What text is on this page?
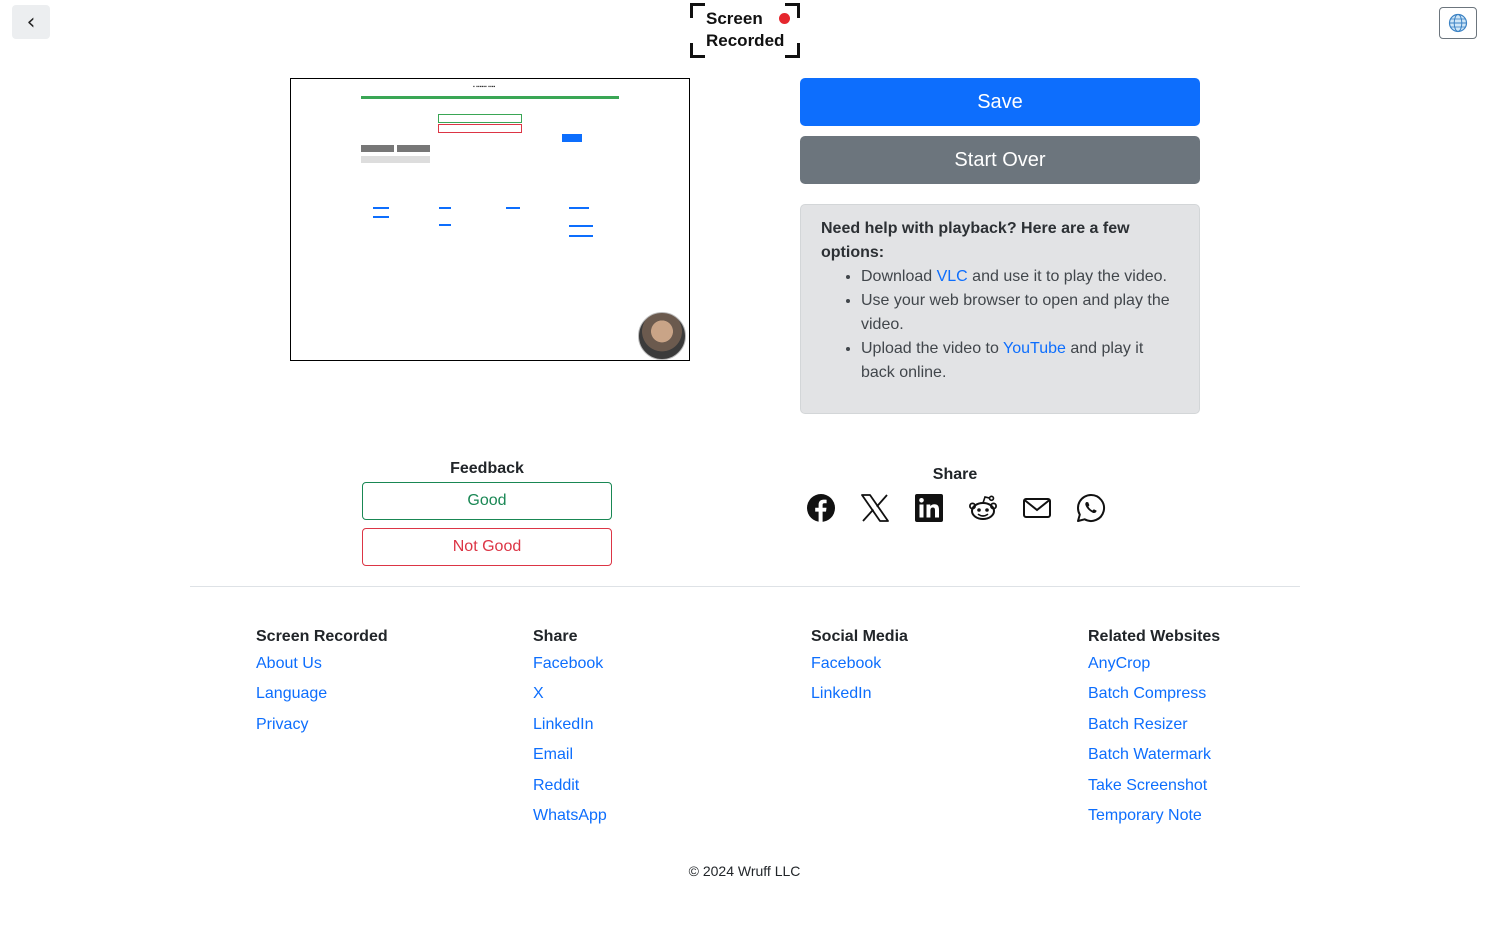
‹	Screen
Recorded
▪ ▪▪▪▪▪▪ ▪▪▪▪
Save
Start Over
Need help with playback? Here are a few options:
• Download VLC and use it to play the video.
• Use your web browser to open and play the video.
• Upload the video to YouTube and play it back online.
Feedback
Good
Not Good
Share
Screen Recorded
About Us
Language
Privacy
Share
Facebook
X
LinkedIn
Email
Reddit
WhatsApp
Social Media
Facebook
LinkedIn
Related Websites
AnyCrop
Batch Compress
Batch Resizer
Batch Watermark
Take Screenshot
Temporary Note
© 2024 Wruff LLC
